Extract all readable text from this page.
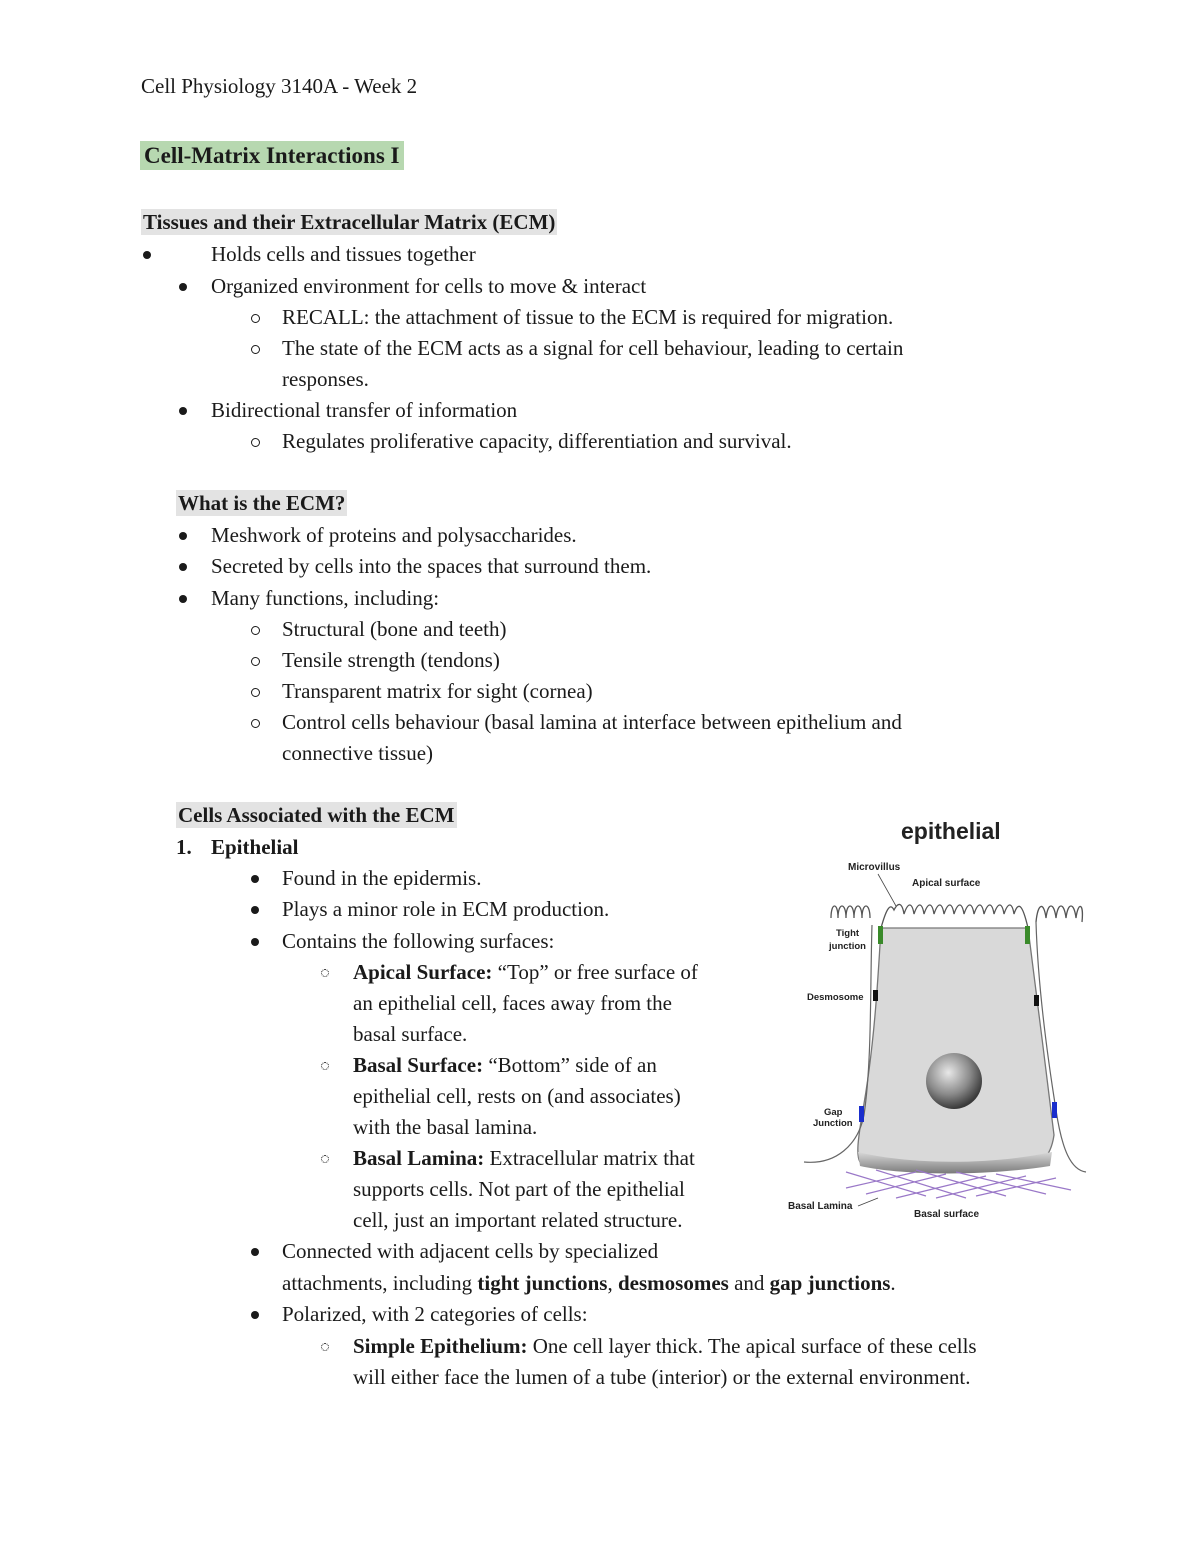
Cell Physiology 3140A - Week 2
Cell-Matrix Interactions I
Tissues and their Extracellular Matrix (ECM)
Holds cells and tissues together
Organized environment for cells to move & interact
RECALL: the attachment of tissue to the ECM is required for migration.
The state of the ECM acts as a signal for cell behaviour, leading to certain
responses.
Bidirectional transfer of information
Regulates proliferative capacity, differentiation and survival.
What is the ECM?
Meshwork of proteins and polysaccharides.
Secreted by cells into the spaces that surround them.
Many functions, including:
Structural (bone and teeth)
Tensile strength (tendons)
Transparent matrix for sight (cornea)
Control cells behaviour (basal lamina at interface between epithelium and
connective tissue)
Cells Associated with the ECM
1. Epithelial
Found in the epidermis.
Plays a minor role in ECM production.
Contains the following surfaces:
Apical Surface: “Top” or free surface of
an epithelial cell, faces away from the
basal surface.
Basal Surface: “Bottom” side of an
epithelial cell, rests on (and associates)
with the basal lamina.
Basal Lamina: Extracellular matrix that
supports cells. Not part of the epithelial
cell, just an important related structure.
Connected with adjacent cells by specialized
attachments, including tight junctions, desmosomes and gap junctions.
Polarized, with 2 categories of cells:
Simple Epithelium: One cell layer thick. The apical surface of these cells
will either face the lumen of a tube (interior) or the external environment.
epithelial
Microvillus
Apical surface
Tight
junction
Desmosome
Gap
Junction
Basal Lamina
Basal surface
